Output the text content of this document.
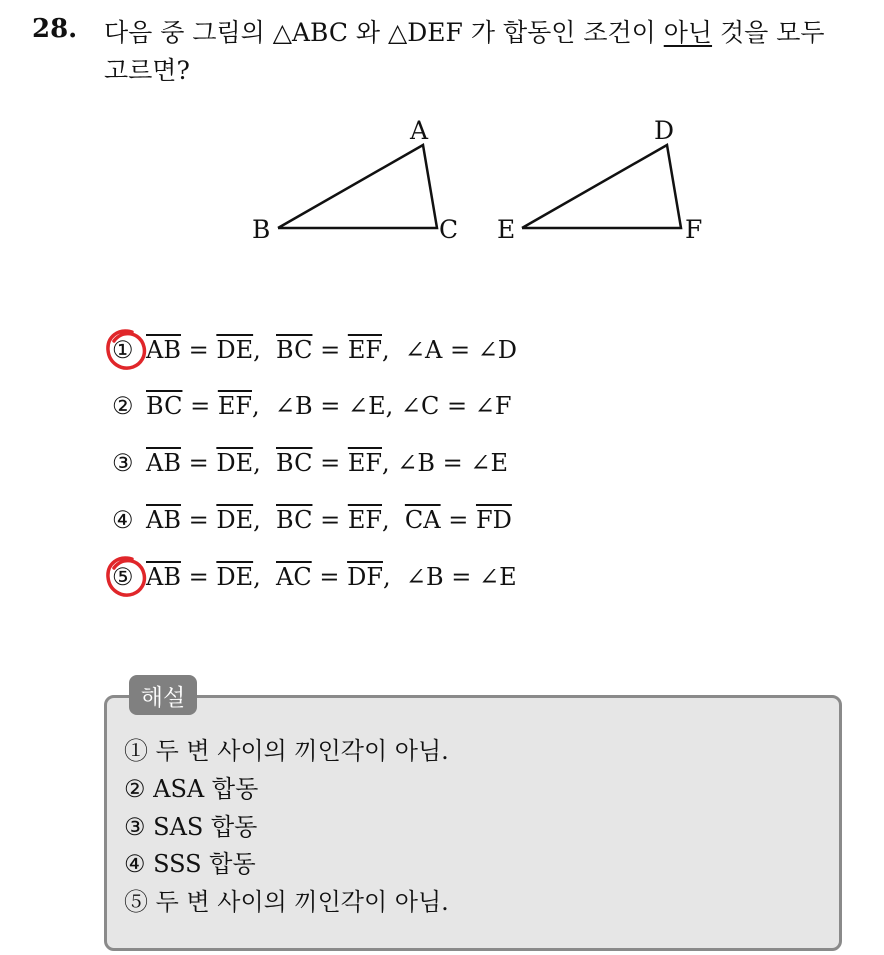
28. 다음 중 그림의 △ABC 와 △DEF 가 합동인 조건이 아닌 것을 모두
고르면?
A
B	C
D
E	F
① $\overline{AB} = \overline{DE}$ , $\overline{BC} = \overline{EF}$ ,  ∠A = ∠D
② $\overline{BC} = \overline{EF}$ ,  ∠B = ∠E, ∠C = ∠F
③ $\overline{AB} = \overline{DE}$ , $\overline{BC} = \overline{EF}$ , ∠B = ∠E
④ $\overline{AB} = \overline{DE}$ , $\overline{BC} = \overline{EF}$ , $\overline{CA} = \overline{FD}$
⑤ $\overline{AB} = \overline{DE}$ , $\overline{AC} = \overline{DF}$ ,  ∠B = ∠E
해설
① 두 변 사이의 끼인각이 아님.
② ASA 합동
③ SAS 합동
④ SSS 합동
⑤ 두 변 사이의 끼인각이 아님.
